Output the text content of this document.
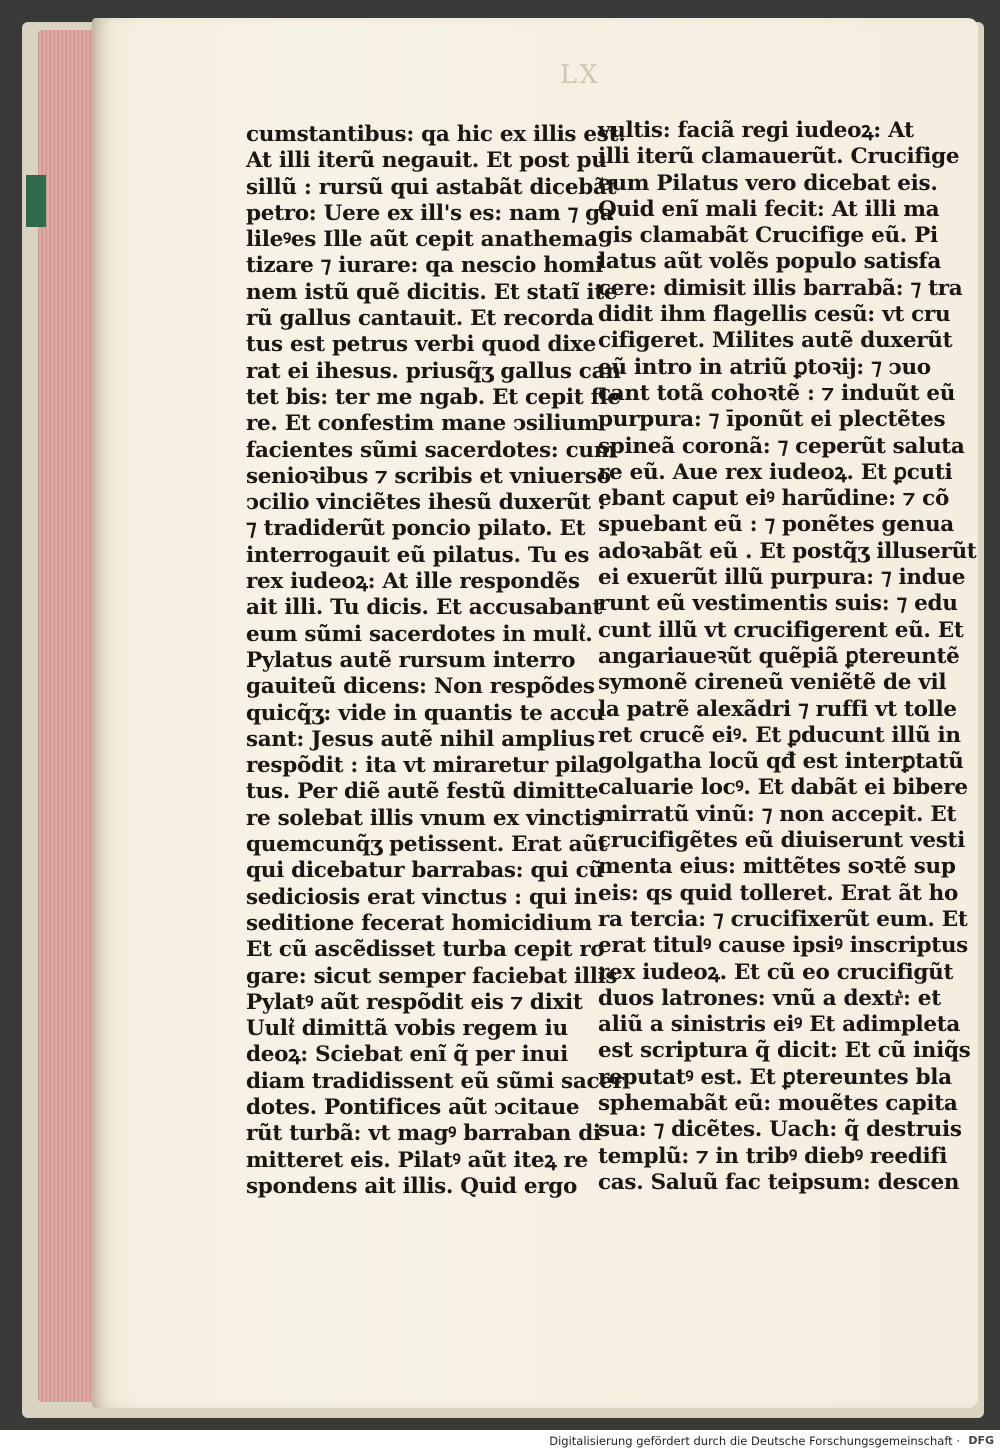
LX
cumstantibus: qa hic ex illis est.
At illi iterũ negauit. Et post pu
sillũ : rursũ qui astabãt dicebãt
petro: Uere ex ill's es: nam ⁊ ga
lileꝰes Ille aũt cepit anathema
tizare ⁊ iurare: qa nescio homi
nem istũ quẽ dicitis. Et statĩ ite
rũ gallus cantauit. Et recorda
tus est petrus verbi quod dixe
rat ei ihesus. priusq̃ʒ gallus can
tet bis: ter me ngab. Et cepit fle
re. Et confestim mane ↄsilium
facientes sũmi sacerdotes: cum
senioꝛibus ⁊ scribis et vniuerso
ↄcilio vinciẽtes ihesũ duxerũt :
⁊ tradiderũt poncio pilato. Et
interrogauit eũ pilatus. Tu es
rex iudeoꝝ: At ille respondẽs
ait illi. Tu dicis. Et accusabant
eum sũmi sacerdotes in mult͛.
Pylatus autẽ rursum interro
gauiteũ dicens: Non respõdes
quicq̃ʒ: vide in quantis te accu
sant: Jesus autẽ nihil amplius
respõdit : ita vt miraretur pila
tus. Per diẽ autẽ festũ dimitte
re solebat illis vnum ex vinctis
quemcunq̃ʒ petissent. Erat aũt
qui dicebatur barrabas: qui cũ
sediciosis erat vinctus : qui in
seditione fecerat homicidium
Et cũ ascẽdisset turba cepit ro
gare: sicut semper faciebat illis
Pylatꝰ aũt respõdit eis ⁊ dixit
Uult͛ dimittã vobis regem iu
deoꝝ: Sciebat enĩ q̃ per inui
diam tradidissent eũ sũmi sacer
dotes. Pontifices aũt ↄcitaue
rũt turbã: vt magꝰ barraban di
mitteret eis. Pilatꝰ aũt iteꝝ re
spondens ait illis. Quid ergo
vultis: faciã regi iudeoꝝ: At
illi iterũ clamauerũt. Crucifige
eum Pilatus vero dicebat eis.
Quid enĩ mali fecit: At illi ma
gis clamabãt Crucifige eũ. Pi
latus aũt volẽs populo satisfa
cere: dimisit illis barrabã: ⁊ tra
didit ihm flagellis cesũ: vt cru
cifigeret. Milites autẽ duxerũt
eũ intro in atriũ ꝑtoꝛij: ⁊ ↄuo
cant totã cohoꝛtẽ : ⁊ induũt eũ
purpura: ⁊ īponũt ei plectẽtes
spineã coronã: ⁊ ceperũt saluta
re eũ. Aue rex iudeoꝝ. Et ꝑcuti
ebant caput eiꝰ harũdine: ⁊ cõ
spuebant eũ : ⁊ ponẽtes genua
adoꝛabãt eũ . Et postq̃ʒ illuserũt
ei exuerũt illũ purpura: ⁊ indue
runt eũ vestimentis suis: ⁊ edu
cunt illũ vt crucifigerent eũ. Et
angariaueꝛũt quẽpiã ꝑtereuntẽ
symonẽ cireneũ veniẽtẽ de vil
la patrẽ alexãdri ⁊ ruffi vt tolle
ret crucẽ eiꝰ. Et ꝑducunt illũ in
golgatha locũ qđ est interꝑtatũ
caluarie locꝰ. Et dabãt ei bibere
mirratũ vinũ: ⁊ non accepit. Et
crucifigẽtes eũ diuiserunt vesti
menta eius: mittẽtes soꝛtẽ sup
eis: qs quid tolleret. Erat ãt ho
ra tercia: ⁊ crucifixerũt eum. Et
erat titulꝰ cause ipsiꝰ inscriptus
rex iudeoꝝ. Et cũ eo crucifigũt
duos latrones: vnũ a dextr͛: et
aliũ a sinistris eiꝰ Et adimpleta
est scriptura q̃ dicit: Et cũ iniq̃s
reputatꝰ est. Et ꝑtereuntes bla
sphemabãt eũ: mouẽtes capita
sua: ⁊ dicẽtes. Uach: q̃ destruis
templũ: ⁊ in tribꝰ diebꝰ reedifi
cas. Saluũ fac teipsum: descen
Digitalisierung gefördert durch die Deutsche Forschungsgemeinschaft · DFG
